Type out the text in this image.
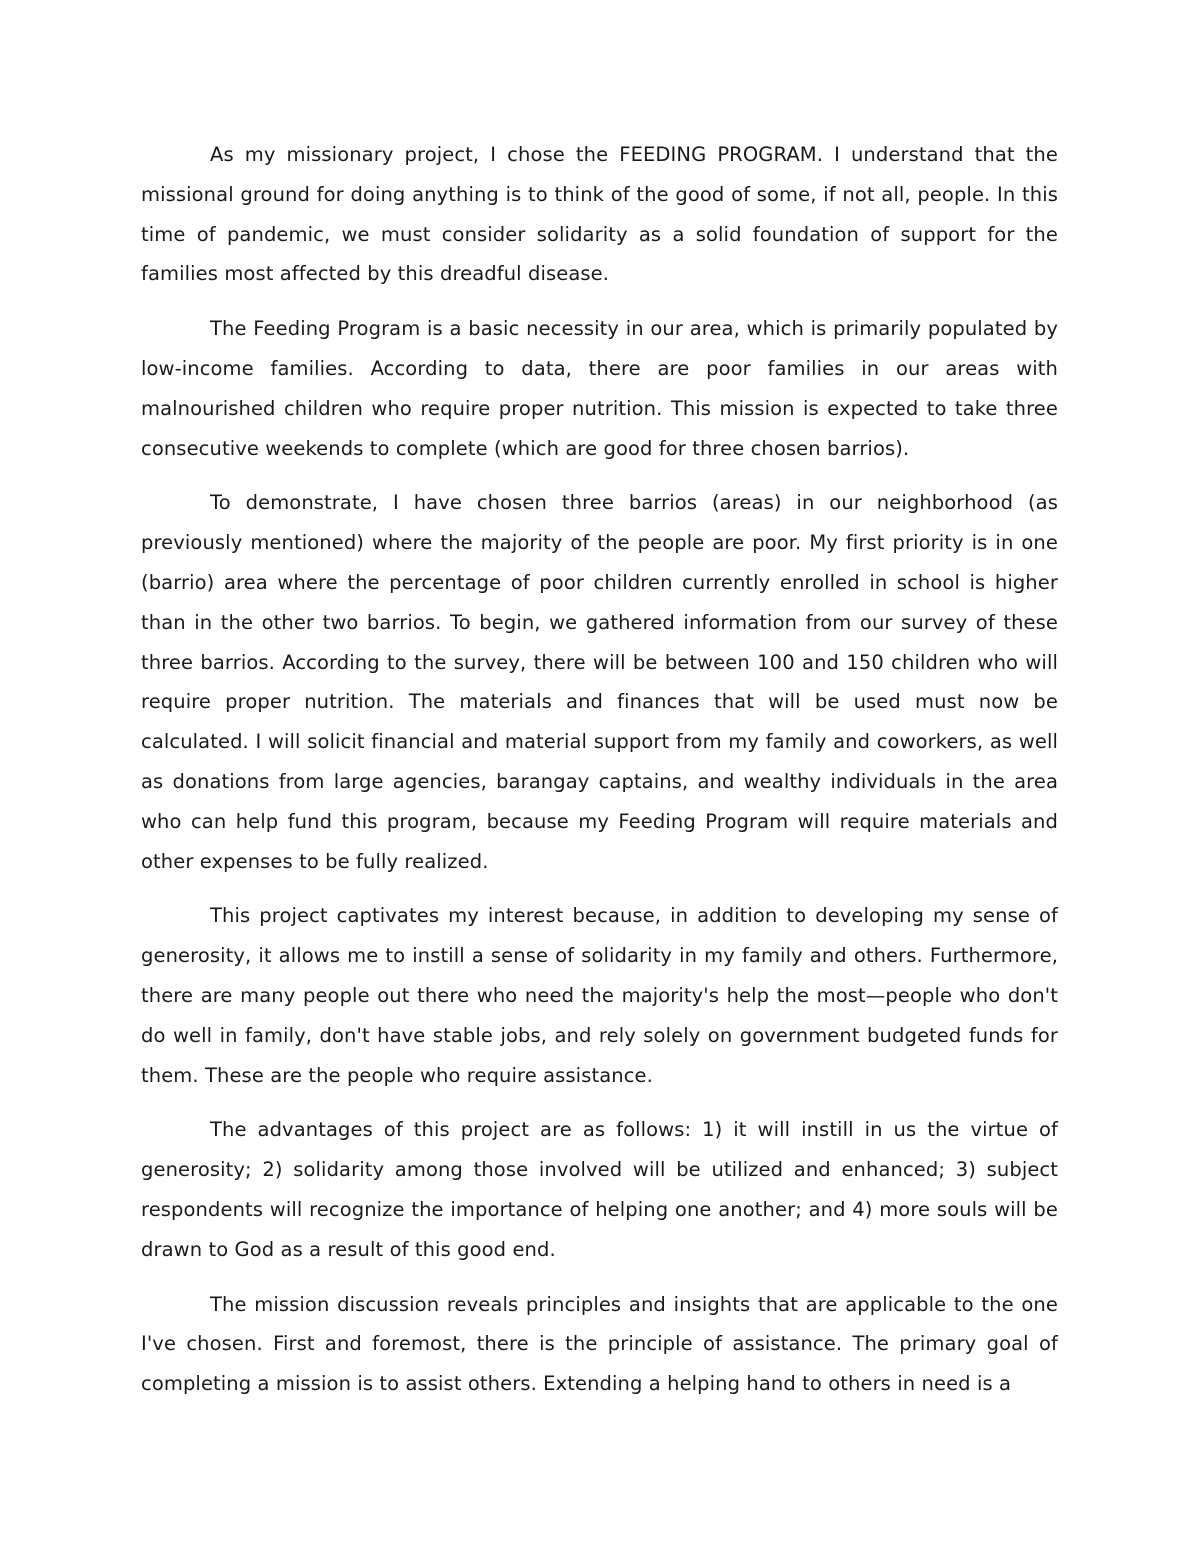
As my missionary project, I chose the FEEDING PROGRAM. I understand that the missional ground for doing anything is to think of the good of some, if not all, people. In this time of pandemic, we must consider solidarity as a solid foundation of support for the families most affected by this dreadful disease.

The Feeding Program is a basic necessity in our area, which is primarily populated by low-income families. According to data, there are poor families in our areas with malnourished children who require proper nutrition. This mission is expected to take three consecutive weekends to complete (which are good for three chosen barrios).

To demonstrate, I have chosen three barrios (areas) in our neighborhood (as previously mentioned) where the majority of the people are poor. My first priority is in one (barrio) area where the percentage of poor children currently enrolled in school is higher than in the other two barrios. To begin, we gathered information from our survey of these three barrios. According to the survey, there will be between 100 and 150 children who will require proper nutrition. The materials and finances that will be used must now be calculated. I will solicit financial and material support from my family and coworkers, as well as donations from large agencies, barangay captains, and wealthy individuals in the area who can help fund this program, because my Feeding Program will require materials and other expenses to be fully realized.

This project captivates my interest because, in addition to developing my sense of generosity, it allows me to instill a sense of solidarity in my family and others. Furthermore, there are many people out there who need the majority's help the most—people who don't do well in family, don't have stable jobs, and rely solely on government budgeted funds for them. These are the people who require assistance.

The advantages of this project are as follows: 1) it will instill in us the virtue of generosity; 2) solidarity among those involved will be utilized and enhanced; 3) subject respondents will recognize the importance of helping one another; and 4) more souls will be drawn to God as a result of this good end.

The mission discussion reveals principles and insights that are applicable to the one I've chosen. First and foremost, there is the principle of assistance. The primary goal of completing a mission is to assist others. Extending a helping hand to others in need is a
